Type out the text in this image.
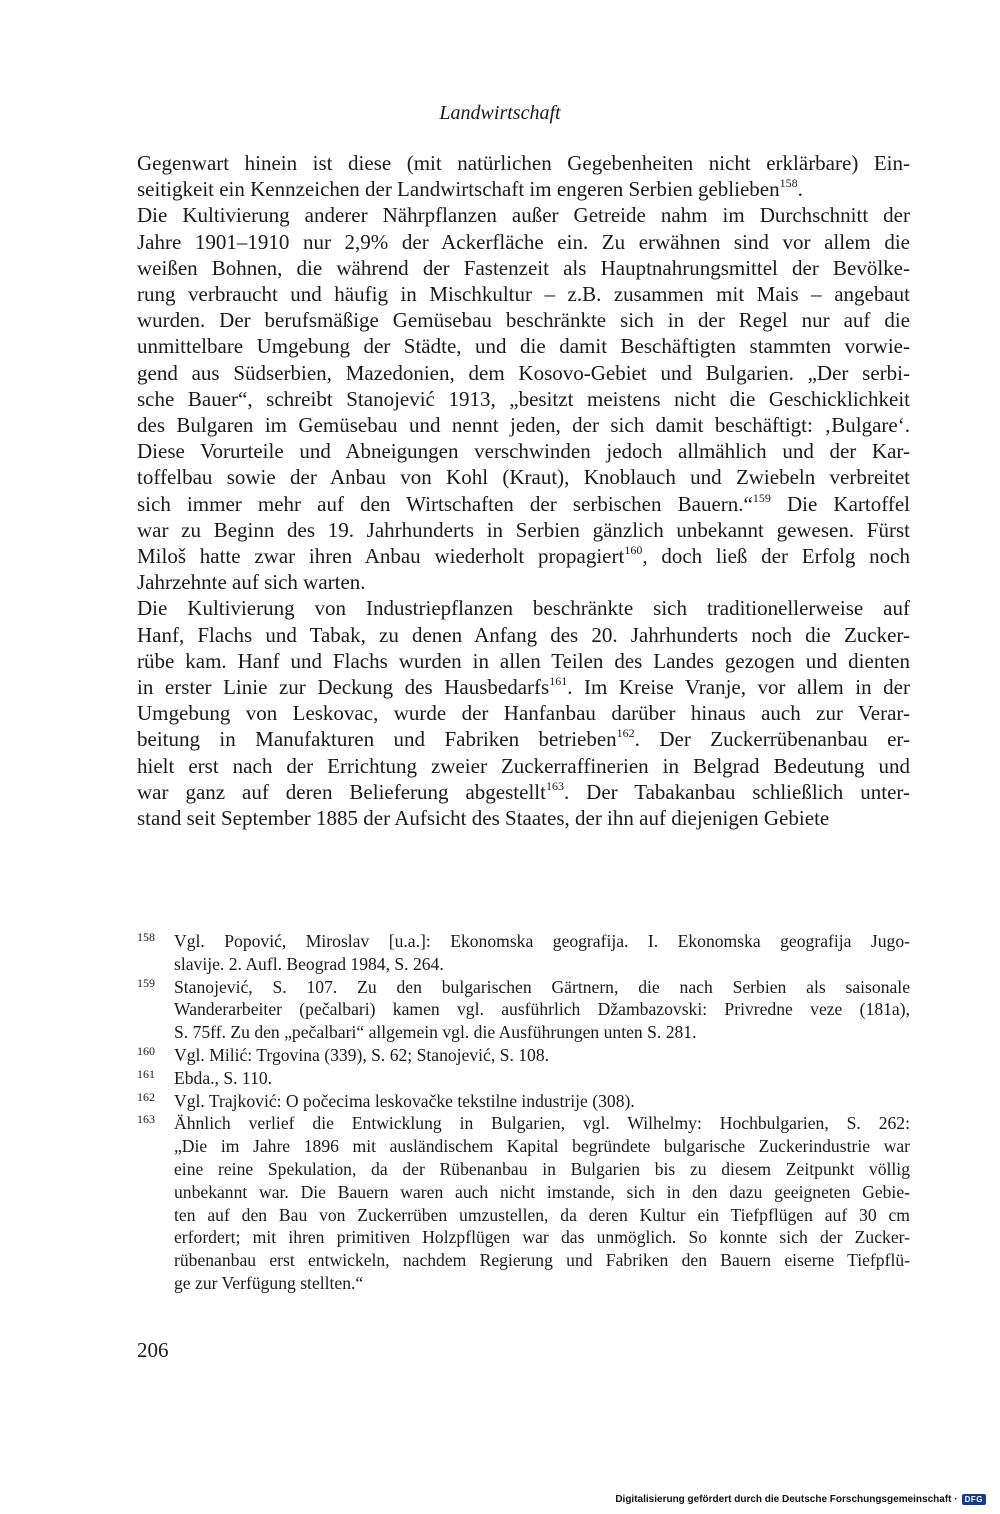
Landwirtschaft
Gegenwart hinein ist diese (mit natürlichen Gegebenheiten nicht erklärbare) Ein-
seitigkeit ein Kennzeichen der Landwirtschaft im engeren Serbien geblieben$^{158}$.
Die Kultivierung anderer Nährpflanzen außer Getreide nahm im Durchschnitt der
Jahre 1901–1910 nur 2,9% der Ackerfläche ein. Zu erwähnen sind vor allem die
weißen Bohnen, die während der Fastenzeit als Hauptnahrungsmittel der Bevölke-
rung verbraucht und häufig in Mischkultur – z.B. zusammen mit Mais – angebaut
wurden. Der berufsmäßige Gemüsebau beschränkte sich in der Regel nur auf die
unmittelbare Umgebung der Städte, und die damit Beschäftigten stammten vorwie-
gend aus Südserbien, Mazedonien, dem Kosovo-Gebiet und Bulgarien. „Der serbi-
sche Bauer“, schreibt Stanojević 1913, „besitzt meistens nicht die Geschicklichkeit
des Bulgaren im Gemüsebau und nennt jeden, der sich damit beschäftigt: ‚Bulgare‘.
Diese Vorurteile und Abneigungen verschwinden jedoch allmählich und der Kar-
toffelbau sowie der Anbau von Kohl (Kraut), Knoblauch und Zwiebeln verbreitet
sich immer mehr auf den Wirtschaften der serbischen Bauern.“$^{159}$ Die Kartoffel
war zu Beginn des 19. Jahrhunderts in Serbien gänzlich unbekannt gewesen. Fürst
Miloš hatte zwar ihren Anbau wiederholt propagiert$^{160}$, doch ließ der Erfolg noch
Jahrzehnte auf sich warten.
Die Kultivierung von Industriepflanzen beschränkte sich traditionellerweise auf
Hanf, Flachs und Tabak, zu denen Anfang des 20. Jahrhunderts noch die Zucker-
rübe kam. Hanf und Flachs wurden in allen Teilen des Landes gezogen und dienten
in erster Linie zur Deckung des Hausbedarfs$^{161}$. Im Kreise Vranje, vor allem in der
Umgebung von Leskovac, wurde der Hanfanbau darüber hinaus auch zur Verar-
beitung in Manufakturen und Fabriken betrieben$^{162}$. Der Zuckerrübenanbau er-
hielt erst nach der Errichtung zweier Zuckerraffinerien in Belgrad Bedeutung und
war ganz auf deren Belieferung abgestellt$^{163}$. Der Tabakanbau schließlich unter-
stand seit September 1885 der Aufsicht des Staates, der ihn auf diejenigen Gebiete
158 Vgl. Popović, Miroslav [u.a.]: Ekonomska geografija. I. Ekonomska geografija Jugo-
slavije. 2. Aufl. Beograd 1984, S. 264.
159 Stanojević, S. 107. Zu den bulgarischen Gärtnern, die nach Serbien als saisonale
Wanderarbeiter (pečalbari) kamen vgl. ausführlich Džambazovski: Privredne veze (181a),
S. 75ff. Zu den „pečalbari“ allgemein vgl. die Ausführungen unten S. 281.
160 Vgl. Milić: Trgovina (339), S. 62; Stanojević, S. 108.
161 Ebda., S. 110.
162 Vgl. Trajković: O počecima leskovačke tekstilne industrije (308).
163 Ähnlich verlief die Entwicklung in Bulgarien, vgl. Wilhelmy: Hochbulgarien, S. 262:
„Die im Jahre 1896 mit ausländischem Kapital begründete bulgarische Zuckerindustrie war
eine reine Spekulation, da der Rübenanbau in Bulgarien bis zu diesem Zeitpunkt völlig
unbekannt war. Die Bauern waren auch nicht imstande, sich in den dazu geeigneten Gebie-
ten auf den Bau von Zuckerrüben umzustellen, da deren Kultur ein Tiefpflügen auf 30 cm
erfordert; mit ihren primitiven Holzpflügen war das unmöglich. So konnte sich der Zucker-
rübenanbau erst entwickeln, nachdem Regierung und Fabriken den Bauern eiserne Tiefpflü-
ge zur Verfügung stellten.“
206
Digitalisierung gefördert durch die Deutsche Forschungsgemeinschaft · DFG
